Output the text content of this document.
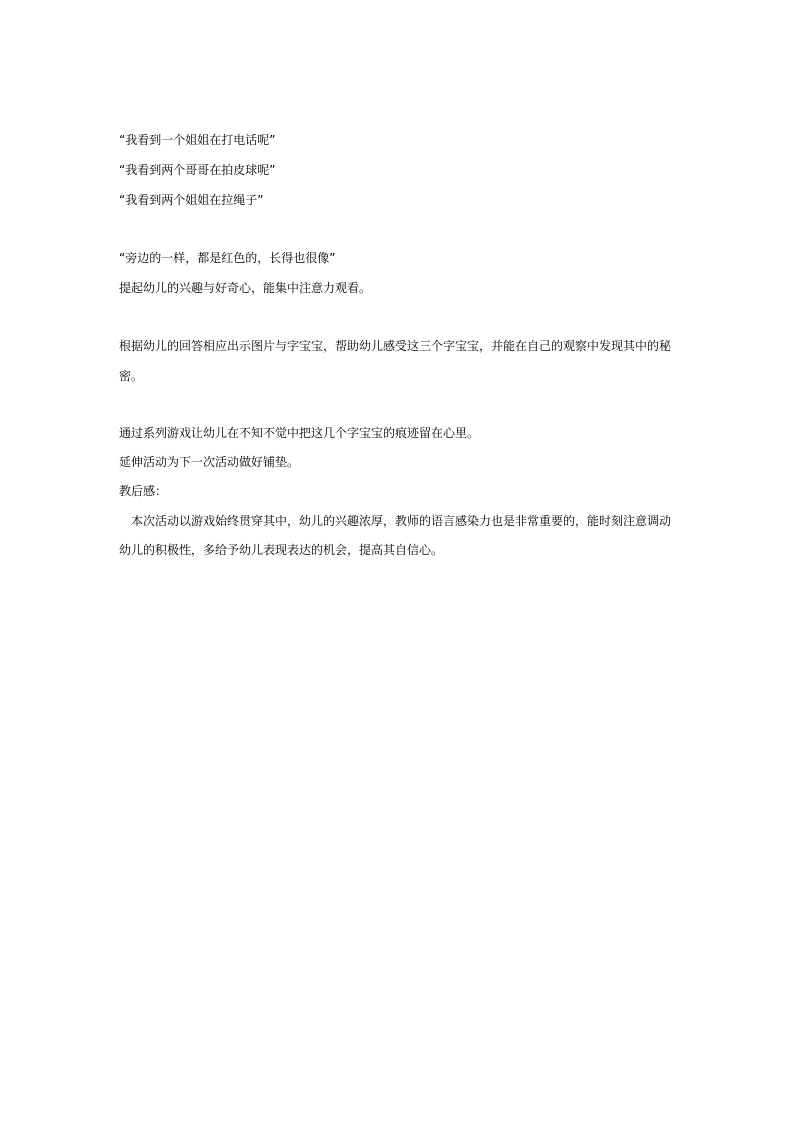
“我看到一个姐姐在打电话呢”

“我看到两个哥哥在拍皮球呢”

“我看到两个姐姐在拉绳子”

“旁边的一样，都是红色的，长得也很像”

提起幼儿的兴趣与好奇心，能集中注意力观看。

根据幼儿的回答相应出示图片与字宝宝，帮助幼儿感受这三个字宝宝，并能在自己的观察中发现其中的秘

密。

通过系列游戏让幼儿在不知不觉中把这几个字宝宝的痕迹留在心里。

延伸活动为下一次活动做好铺垫。

教后感：

　本次活动以游戏始终贯穿其中，幼儿的兴趣浓厚，教师的语言感染力也是非常重要的，能时刻注意调动

幼儿的积极性，多给予幼儿表现表达的机会，提高其自信心。
